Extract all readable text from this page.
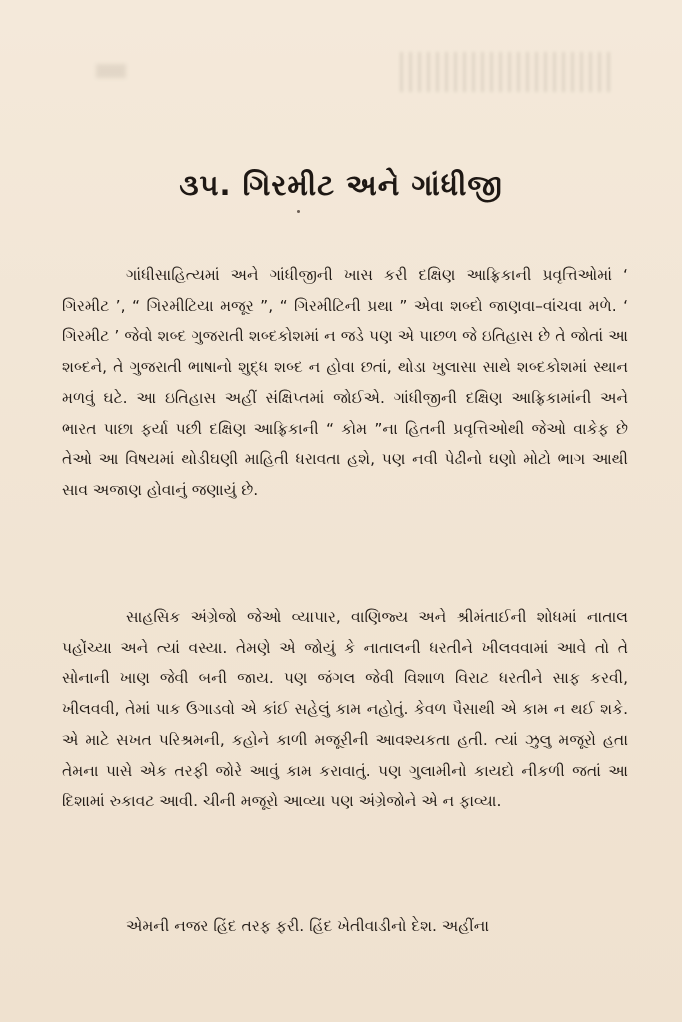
૩૫. ગિરમીટ અને ગાંધીજી

ગાંધીસાહિત્યમાં અને ગાંધીજીની ખાસ કરી દક્ષિણ આફ્રિકાની પ્રવૃત્તિઓમાં ‘ ગિરમીટ ’, “ ગિરમીટિયા મજૂર ”, “ ગિરમીટિની પ્રથા ” એવા શબ્દો જાણવા–વાંચવા મળે. ‘ ગિરમીટ ’ જેવો શબ્દ ગુજરાતી શબ્દકોશમાં ન જડે પણ એ પાછળ જે ઇતિહાસ છે તે જોતાં આ શબ્દને, તે ગુજરાતી ભાષાનો શુદ્ધ શબ્દ ન હોવા છતાં, થોડા ખુલાસા સાથે શબ્દકોશમાં સ્થાન મળવું ઘટે. આ ઇતિહાસ અહીં સંક્ષિપ્તમાં જોઈએ. ગાંધીજીની દક્ષિણ આફ્રિકામાંની અને ભારત પાછા ફર્યા પછી દક્ષિણ આફ્રિકાની “ કોમ ”ના હિતની પ્રવૃત્તિઓથી જેઓ વાકેફ છે તેઓ આ વિષયમાં થોડીઘણી માહિતી ધરાવતા હશે, પણ નવી પેઢીનો ઘણો મોટો ભાગ આથી સાવ અજાણ હોવાનું જણાયું છે.

સાહસિક અંગ્રેજો જેઓ વ્યાપાર, વાણિજ્ય અને શ્રીમંતાઈની શોધમાં નાતાલ પહોંચ્યા અને ત્યાં વસ્યા. તેમણે એ જોયું કે નાતાલની ધરતીને ખીલવવામાં આવે તો તે સોનાની ખાણ જેવી બની જાય. પણ જંગલ જેવી વિશાળ વિરાટ ધરતીને સાફ કરવી, ખીલવવી, તેમાં પાક ઉગાડવો એ કાંઈ સહેલું કામ નહોતું. કેવળ પૈસાથી એ કામ ન થઈ શકે. એ માટે સખત પરિશ્રમની, કહોને કાળી મજૂરીની આવશ્યકતા હતી. ત્યાં ઝુલુ મજૂરો હતા તેમના પાસે એક તરફી જોરે આવું કામ કરાવાતું. પણ ગુલામીનો કાયદો નીકળી જતાં આ દિશામાં રુકાવટ આવી. ચીની મજૂરો આવ્યા પણ અંગ્રેજોને એ ન ફાવ્યા.

એમની નજર હિંદ તરફ ફરી. હિંદ ખેતીવાડીનો દેશ. અહીંના
